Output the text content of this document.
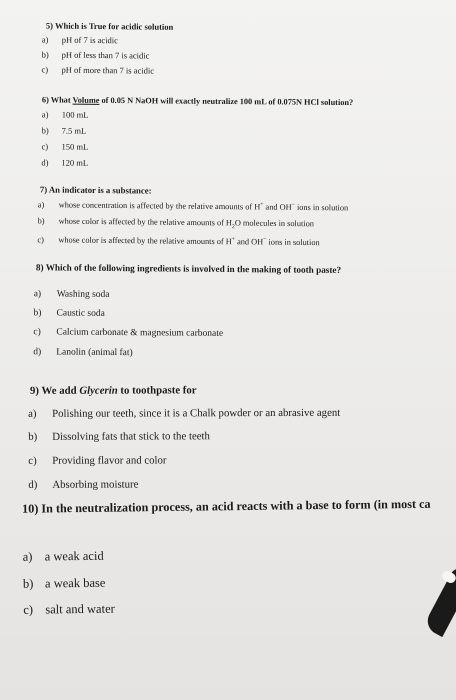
5) Which is True for acidic solution
a) pH of 7 is acidic
b) pH of less than 7 is acidic
c) pH of more than 7 is acidic
6) What Volume of 0.05 N NaOH will exactly neutralize 100 mL of 0.075N HCl solution?
a) 100 mL
b) 7.5 mL
c) 150 mL
d) 120 mL
7) An indicator is a substance:
a) whose concentration is affected by the relative amounts of H+ and OH− ions in solution
b) whose color is affected by the relative amounts of $H_2O$ molecules in solution
c) whose color is affected by the relative amounts of H+ and OH− ions in solution
8) Which of the following ingredients is involved in the making of tooth paste?
a) Washing soda
b) Caustic soda
c) Calcium carbonate & magnesium carbonate
d) Lanolin (animal fat)
9) We add Glycerin to toothpaste for
a) Polishing our teeth, since it is a Chalk powder or an abrasive agent
b) Dissolving fats that stick to the teeth
c) Providing flavor and color
d) Absorbing moisture
10) In the neutralization process, an acid reacts with a base to form (in most ca
a) a weak acid
b) a weak base
c) salt and water
